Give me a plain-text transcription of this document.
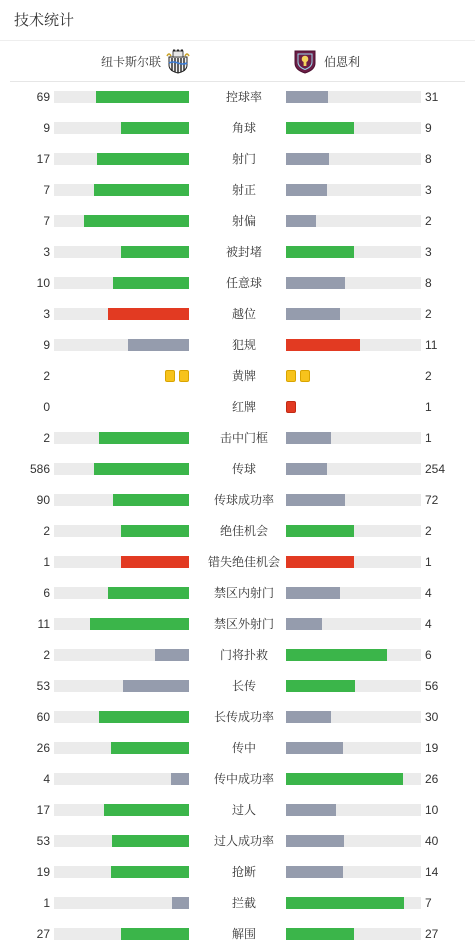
技术统计
纽卡斯尔联	伯恩利
69	控球率	31
9	角球	9
17	射门	8
7	射正	3
7	射偏	2
3	被封堵	3
10	任意球	8
3	越位	2
9	犯规	11
2	黄牌	2
0	红牌	1
2	击中门框	1
586	传球	254
90	传球成功率	72
2	绝佳机会	2
1	错失绝佳机会	1
6	禁区内射门	4
11	禁区外射门	4
2	门将扑救	6
53	长传	56
60	长传成功率	30
26	传中	19
4	传中成功率	26
17	过人	10
53	过人成功率	40
19	抢断	14
1	拦截	7
27	解围	27
